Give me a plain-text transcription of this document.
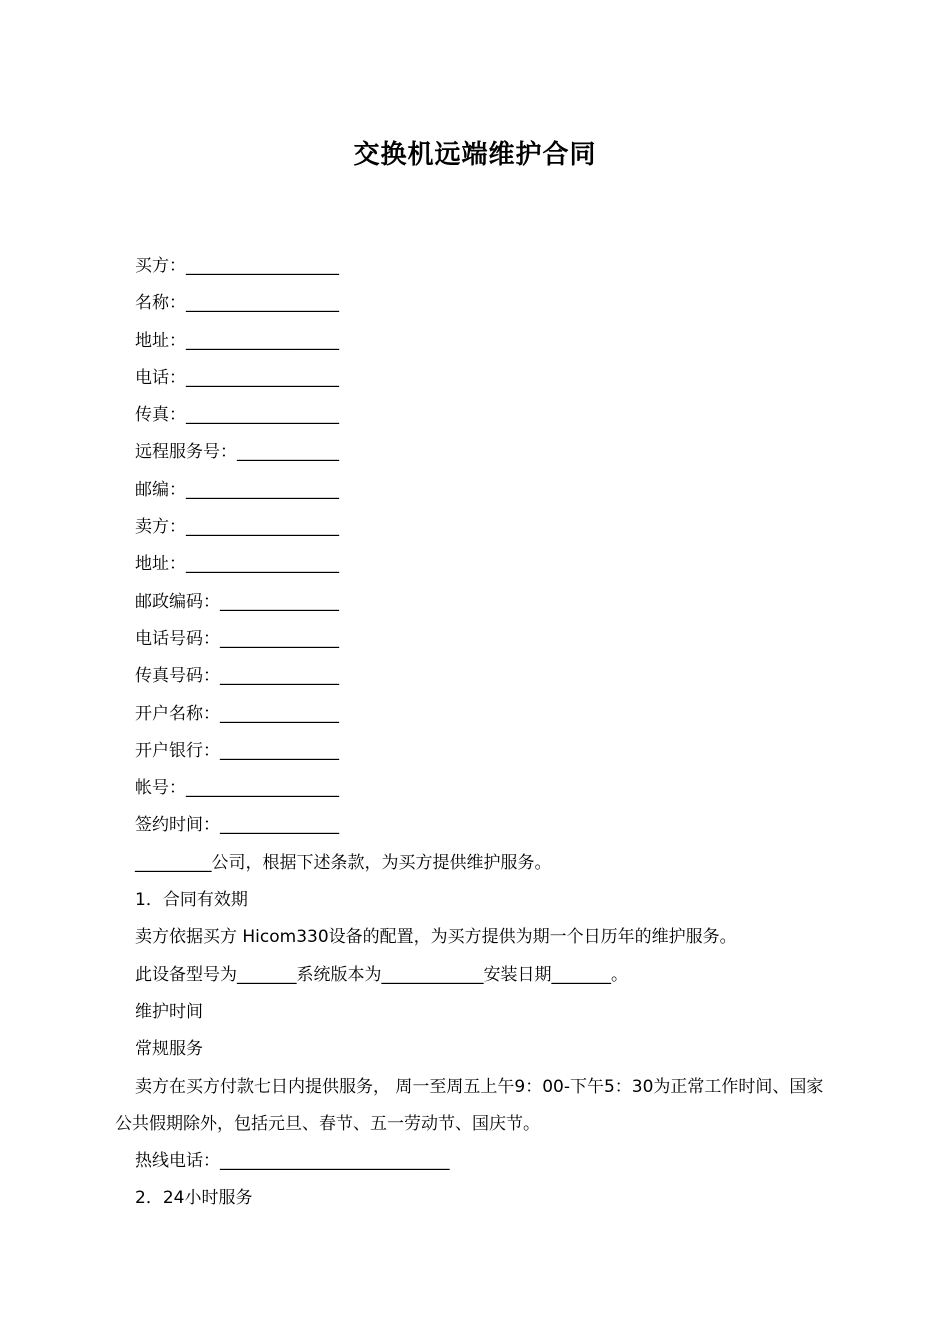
交换机远端维护合同
买方：__________________
名称：__________________
地址：__________________
电话：__________________
传真：__________________
远程服务号：____________
邮编：__________________
卖方：__________________
地址：__________________
邮政编码：______________
电话号码：______________
传真号码：______________
开户名称：______________
开户银行：______________
帐号：__________________
签约时间：______________
_________公司，根据下述条款，为买方提供维护服务。
1．合同有效期
卖方依据买方 Hicom330设备的配置，为买方提供为期一个日历年的维护服务。
此设备型号为_______系统版本为____________安装日期_______。
维护时间
常规服务
卖方在买方付款七日内提供服务， 周一至周五上午9：00-下午5：30为正常工作时间、国家公共假期除外，包括元旦、春节、五一劳动节、国庆节。
热线电话：___________________________
2．24小时服务
